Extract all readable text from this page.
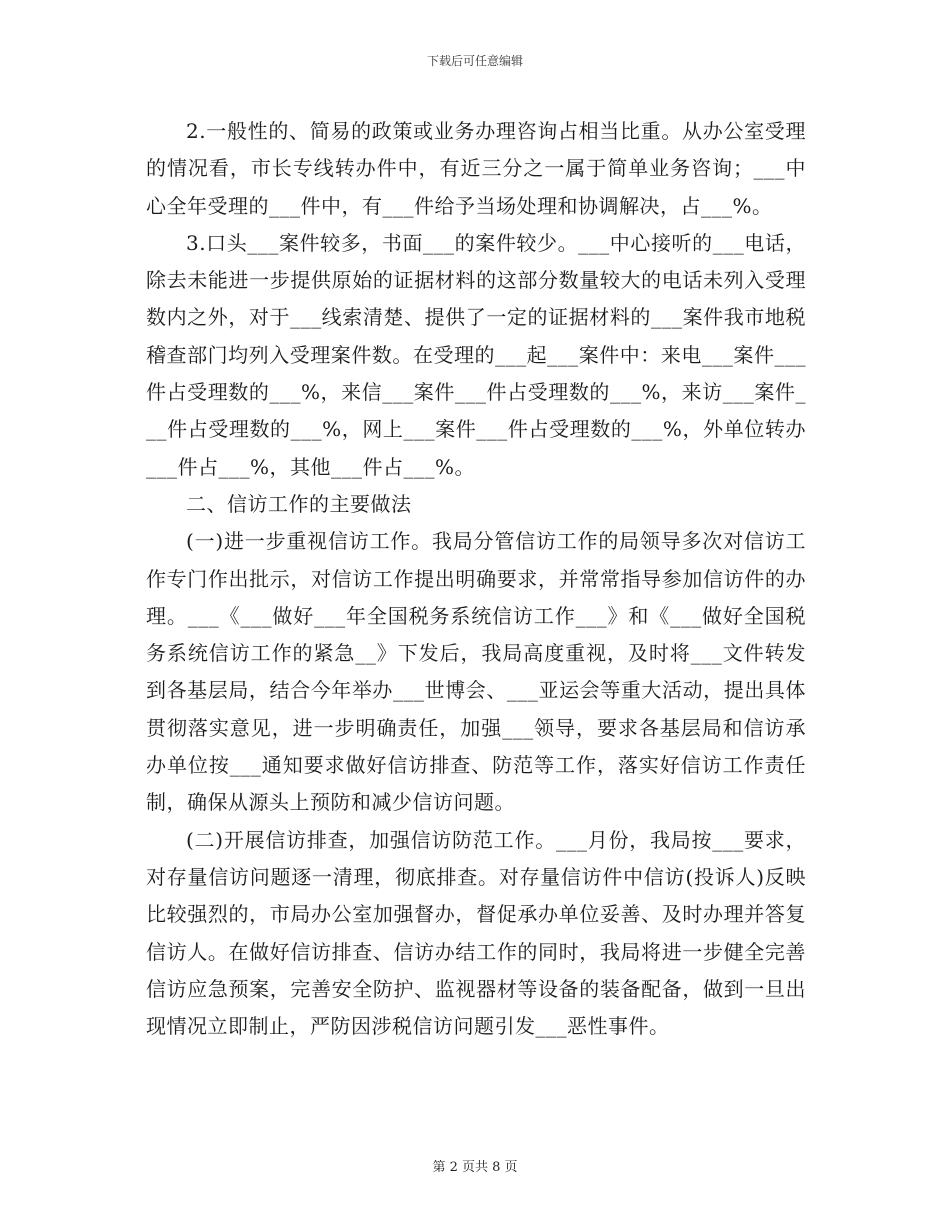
下载后可任意编辑

2.一般性的、简易的政策或业务办理咨询占相当比重。从办公室受理的情况看，市长专线转办件中，有近三分之一属于简单业务咨询；___中心全年受理的___件中，有___件给予当场处理和协调解决，占___%。

3.口头___案件较多，书面___的案件较少。___中心接听的___电话，除去未能进一步提供原始的证据材料的这部分数量较大的电话未列入受理数内之外，对于___线索清楚、提供了一定的证据材料的___案件我市地税稽查部门均列入受理案件数。在受理的___起___案件中：来电___案件___件占受理数的___%，来信___案件___件占受理数的___%，来访___案件___件占受理数的___%，网上___案件___件占受理数的___%，外单位转办___件占___%，其他___件占___%。

二、信访工作的主要做法

(一)进一步重视信访工作。我局分管信访工作的局领导多次对信访工作专门作出批示，对信访工作提出明确要求，并常常指导参加信访件的办理。___《___做好___年全国税务系统信访工作___》和《___做好全国税务系统信访工作的紧急__》下发后，我局高度重视，及时将___文件转发到各基层局，结合今年举办___世博会、___亚运会等重大活动，提出具体贯彻落实意见，进一步明确责任，加强___领导，要求各基层局和信访承办单位按___通知要求做好信访排查、防范等工作，落实好信访工作责任制，确保从源头上预防和减少信访问题。

(二)开展信访排查，加强信访防范工作。___月份，我局按___要求，对存量信访问题逐一清理，彻底排查。对存量信访件中信访(投诉人)反映比较强烈的，市局办公室加强督办，督促承办单位妥善、及时办理并答复信访人。在做好信访排查、信访办结工作的同时，我局将进一步健全完善信访应急预案，完善安全防护、监视器材等设备的装备配备，做到一旦出现情况立即制止，严防因涉税信访问题引发___恶性事件。

第 2 页共 8 页
